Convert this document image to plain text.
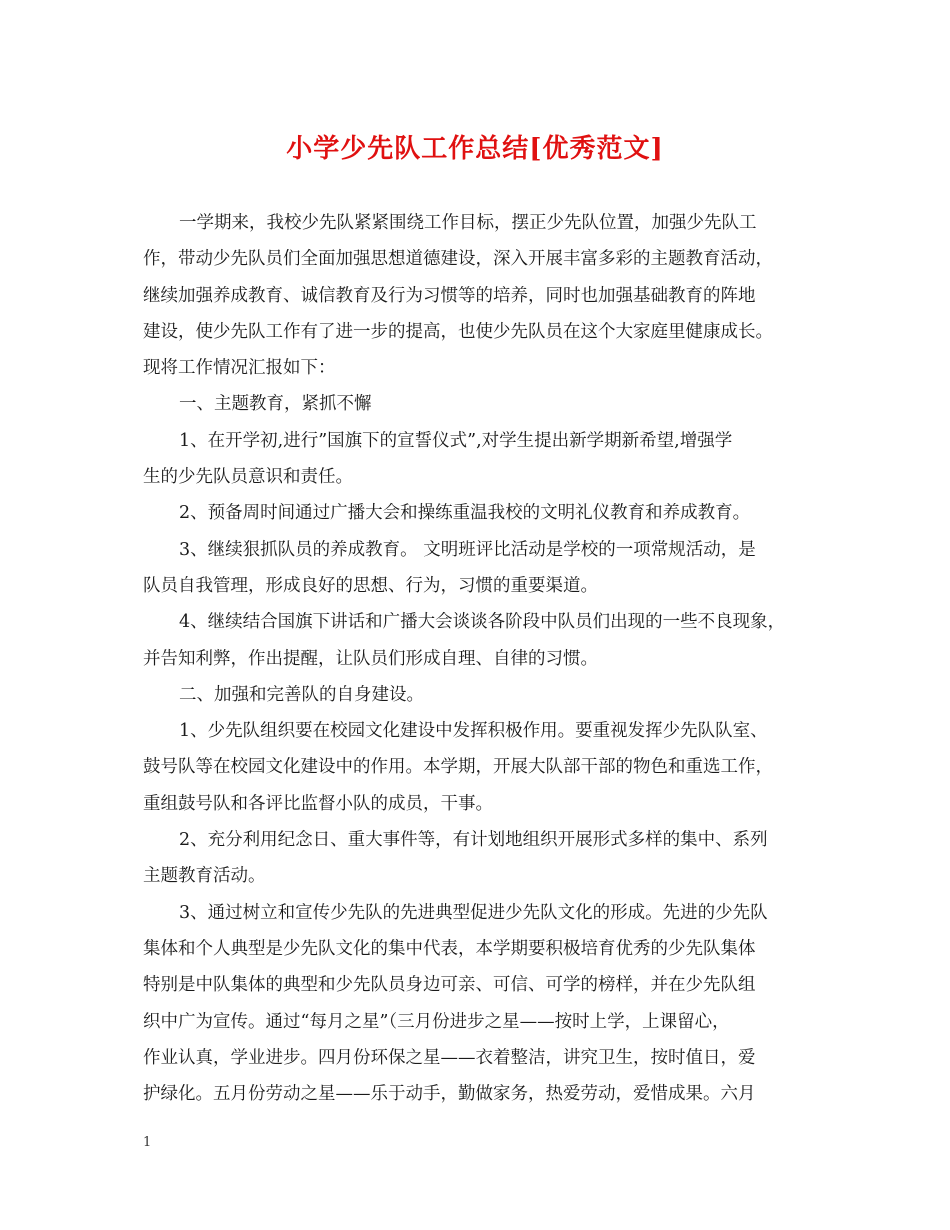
小学少先队工作总结[优秀范文]
一学期来，我校少先队紧紧围绕工作目标，摆正少先队位置，加强少先队工
作，带动少先队员们全面加强思想道德建设，深入开展丰富多彩的主题教育活动，
继续加强养成教育、诚信教育及行为习惯等的培养，同时也加强基础教育的阵地
建设，使少先队工作有了进一步的提高，也使少先队员在这个大家庭里健康成长。
现将工作情况汇报如下：
一、主题教育，紧抓不懈
1、在开学初,进行”国旗下的宣誓仪式”,对学生提出新学期新希望,增强学
生的少先队员意识和责任。
2、预备周时间通过广播大会和操练重温我校的文明礼仪教育和养成教育。
3、继续狠抓队员的养成教育。 文明班评比活动是学校的一项常规活动，是
队员自我管理，形成良好的思想、行为，习惯的重要渠道。
4、继续结合国旗下讲话和广播大会谈谈各阶段中队员们出现的一些不良现象，
并告知利弊，作出提醒，让队员们形成自理、自律的习惯。
二、加强和完善队的自身建设。
1、少先队组织要在校园文化建设中发挥积极作用。要重视发挥少先队队室、
鼓号队等在校园文化建设中的作用。本学期，开展大队部干部的物色和重选工作，
重组鼓号队和各评比监督小队的成员，干事。
2、充分利用纪念日、重大事件等，有计划地组织开展形式多样的集中、系列
主题教育活动。
3、通过树立和宣传少先队的先进典型促进少先队文化的形成。先进的少先队
集体和个人典型是少先队文化的集中代表，本学期要积极培育优秀的少先队集体
特别是中队集体的典型和少先队员身边可亲、可信、可学的榜样，并在少先队组
织中广为宣传。通过“每月之星”（三月份进步之星——按时上学，上课留心，
作业认真，学业进步。四月份环保之星——衣着整洁，讲究卫生，按时值日，爱
护绿化。五月份劳动之星——乐于动手，勤做家务，热爱劳动，爱惜成果。六月
1
